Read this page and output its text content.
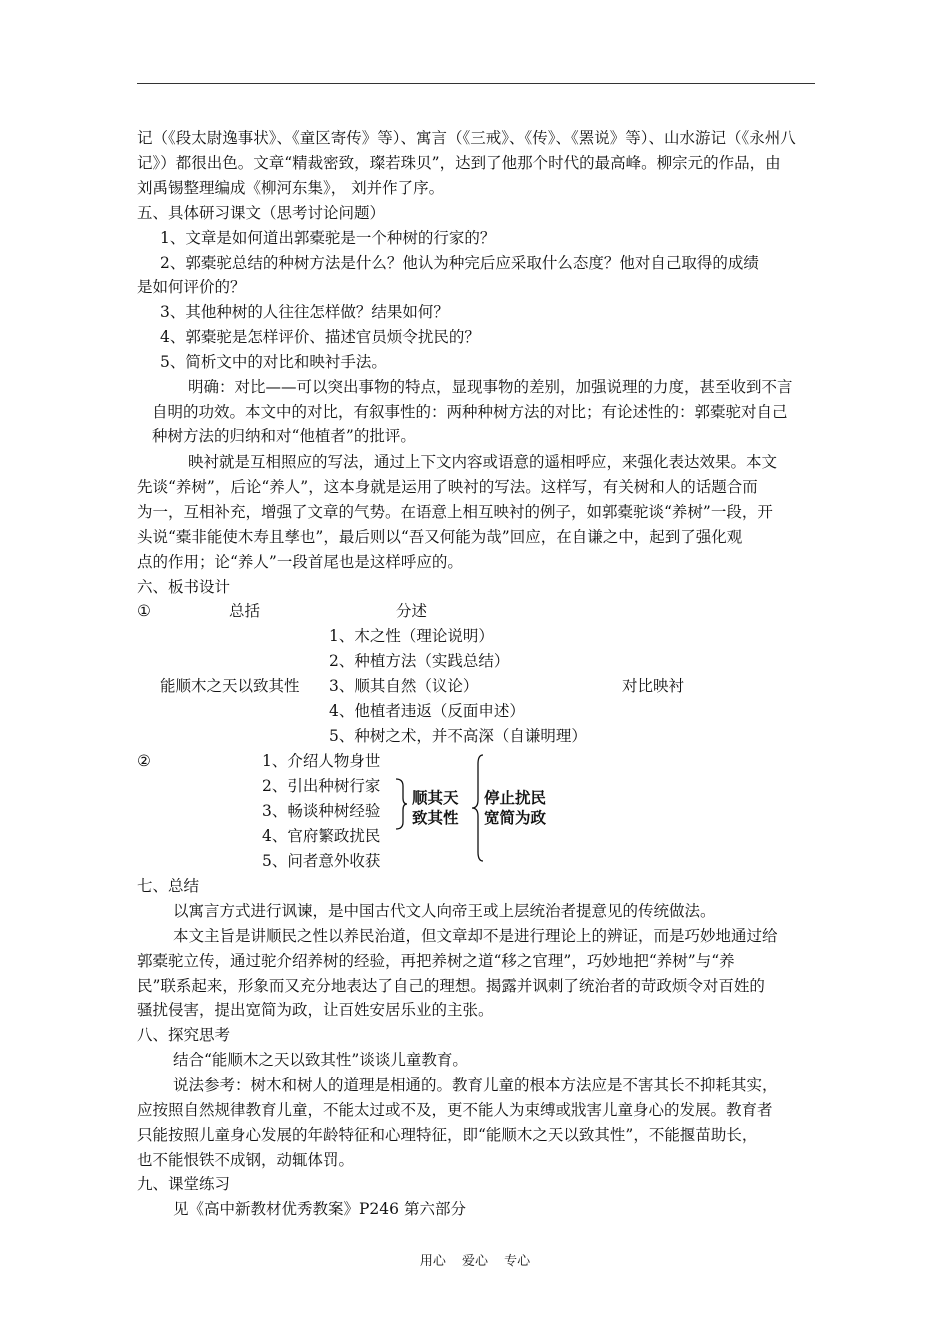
记（《段太尉逸事状》、《童区寄传》等）、寓言（《三戒》、《传》、《罴说》等）、山水游记（《永州八
记》）都很出色。文章“精裁密致，璨若珠贝”，达到了他那个时代的最高峰。柳宗元的作品，由
刘禹锡整理编成《柳河东集》， 刘并作了序。
五、具体研习课文（思考讨论问题）
1、文章是如何道出郭橐驼是一个种树的行家的？
2、郭橐驼总结的种树方法是什么？他认为种完后应采取什么态度？他对自己取得的成绩
是如何评价的？
3、其他种树的人往往怎样做？结果如何？
4、郭橐驼是怎样评价、描述官员烦令扰民的？
5、简析文中的对比和映衬手法。
明确：对比——可以突出事物的特点，显现事物的差别，加强说理的力度，甚至收到不言
自明的功效。本文中的对比，有叙事性的：两种种树方法的对比；有论述性的：郭橐驼对自己
种树方法的归纳和对“他植者”的批评。
映衬就是互相照应的写法，通过上下文内容或语意的遥相呼应，来强化表达效果。本文
先谈“养树”，后论“养人”，这本身就是运用了映衬的写法。这样写，有关树和人的话题合而
为一，互相补充，增强了文章的气势。在语意上相互映衬的例子，如郭橐驼谈“养树”一段，开
头说“橐非能使木寿且孳也”，最后则以“吾又何能为哉”回应，在自谦之中，起到了强化观
点的作用；论“养人”一段首尾也是这样呼应的。
六、板书设计
①	总括	分述
1、木之性（理论说明）
2、种植方法（实践总结）
能顺木之天以致其性 3、顺其自然（议论）	对比映衬
4、他植者违返（反面申述）
5、种树之术，并不高深（自谦明理）
②	1、介绍人物身世
2、引出种树行家
3、畅谈种树经验
4、官府繁政扰民
5、问者意外收获
顺其天
致其性
停止扰民
宽简为政
七、总结
以寓言方式进行讽谏，是中国古代文人向帝王或上层统治者提意见的传统做法。
本文主旨是讲顺民之性以养民治道，但文章却不是进行理论上的辨证，而是巧妙地通过给
郭橐驼立传，通过驼介绍养树的经验，再把养树之道“移之官理”，巧妙地把“养树”与“养
民”联系起来，形象而又充分地表达了自己的理想。揭露并讽刺了统治者的苛政烦令对百姓的
骚扰侵害，提出宽简为政，让百姓安居乐业的主张。
八、探究思考
结合“能顺木之天以致其性”谈谈儿童教育。
说法参考：树木和树人的道理是相通的。教育儿童的根本方法应是不害其长不抑耗其实，
应按照自然规律教育儿童，不能太过或不及，更不能人为束缚或戕害儿童身心的发展。教育者
只能按照儿童身心发展的年龄特征和心理特征，即“能顺木之天以致其性”，不能揠苗助长，
也不能恨铁不成钢，动辄体罚。
九、课堂练习
见《高中新教材优秀教案》P246 第六部分
用心 爱心 专心
